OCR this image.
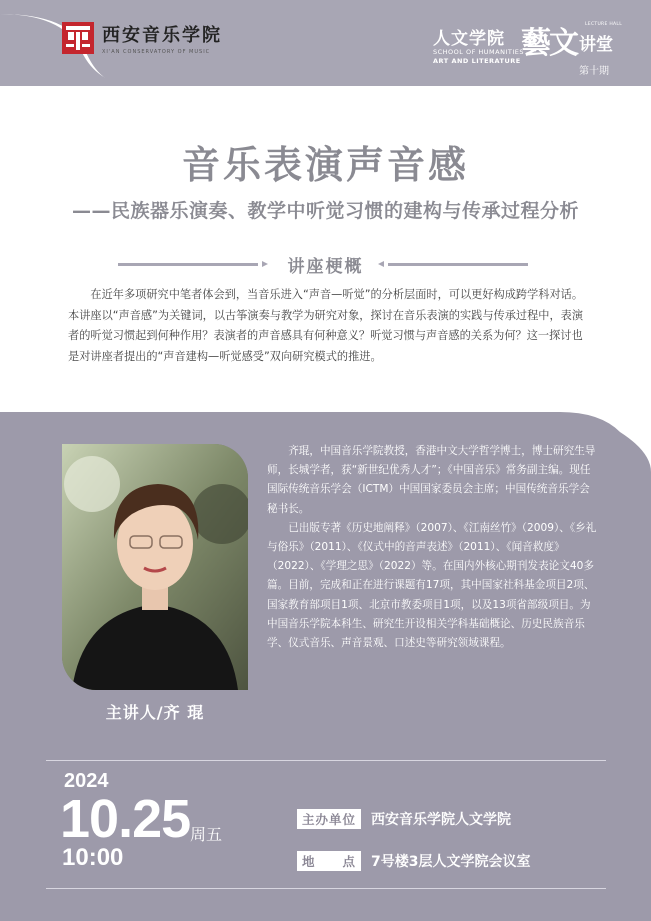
西安音乐学院
XI'AN CONSERVATORY OF MUSIC
人文学院
SCHOOL OF HUMANITIES
ART AND LITERATURE 藝文
LECTURE HALL
讲堂
第十期
音乐表演声音感
——民族器乐演奏、教学中听觉习惯的建构与传承过程分析
讲座梗概

在近年多项研究中笔者体会到，当音乐进入“声音—听觉”的分析层面时，可以更好构成跨学科对话。本讲座以“声音感”为关键词，以古筝演奏与教学为研究对象，探讨在音乐表演的实践与传承过程中，表演者的听觉习惯起到何种作用？表演者的声音感具有何种意义？听觉习惯与声音感的关系为何？这一探讨也是对讲座者提出的“声音建构—听觉感受”双向研究模式的推进。

主讲人/齐 琨

齐琨，中国音乐学院教授，香港中文大学哲学博士，博士研究生导师，长城学者，获“新世纪优秀人才”；《中国音乐》常务副主编。现任国际传统音乐学会（ICTM）中国国家委员会主席；中国传统音乐学会秘书长。

已出版专著《历史地阐释》（2007）、《江南丝竹》（2009）、《乡礼与俗乐》（2011）、《仪式中的音声表述》（2011）、《闻音救度》（2022）、《学理之思》（2022）等。在国内外核心期刊发表论文40多篇。目前，完成和正在进行课题有17项，其中国家社科基金项目2项、国家教育部项目1项、北京市教委项目1项，以及13项省部级项目。为中国音乐学院本科生、研究生开设相关学科基础概论、历史民族音乐学、仪式音乐、声音景观、口述史等研究领域课程。

2024
10.25 周五
10:00
主办单位	西安音乐学院人文学院
地　　点	7号楼3层人文学院会议室
